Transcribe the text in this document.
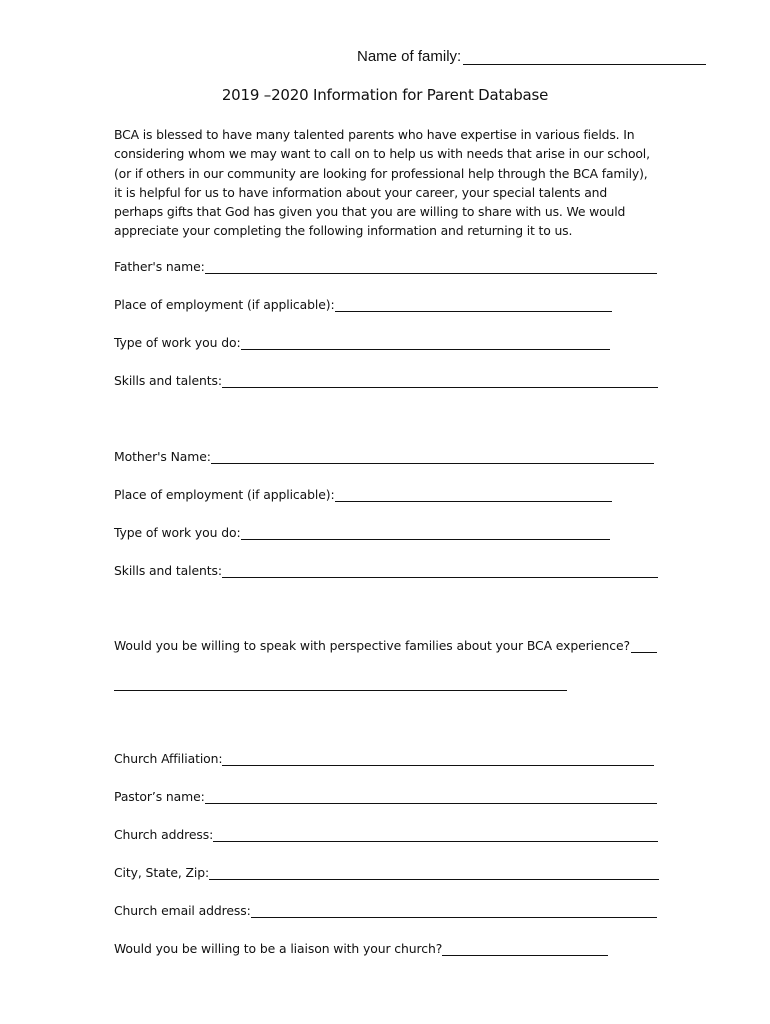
Name of family:
2019 –2020 Information for Parent Database
BCA is blessed to have many talented parents who have expertise in various fields. In
considering whom we may want to call on to help us with needs that arise in our school,
(or if others in our community are looking for professional help through the BCA family),
it is helpful for us to have information about your career, your special talents and
perhaps gifts that God has given you that you are willing to share with us. We would
appreciate your completing the following information and returning it to us.
Father's name:
Place of employment (if applicable):
Type of work you do:
Skills and talents:
Mother's Name:
Place of employment (if applicable):
Type of work you do:
Skills and talents:
Would you be willing to speak with perspective families about your BCA experience?
Church Affiliation:
Pastor’s name:
Church address:
City, State, Zip:
Church email address:
Would you be willing to be a liaison with your church?
